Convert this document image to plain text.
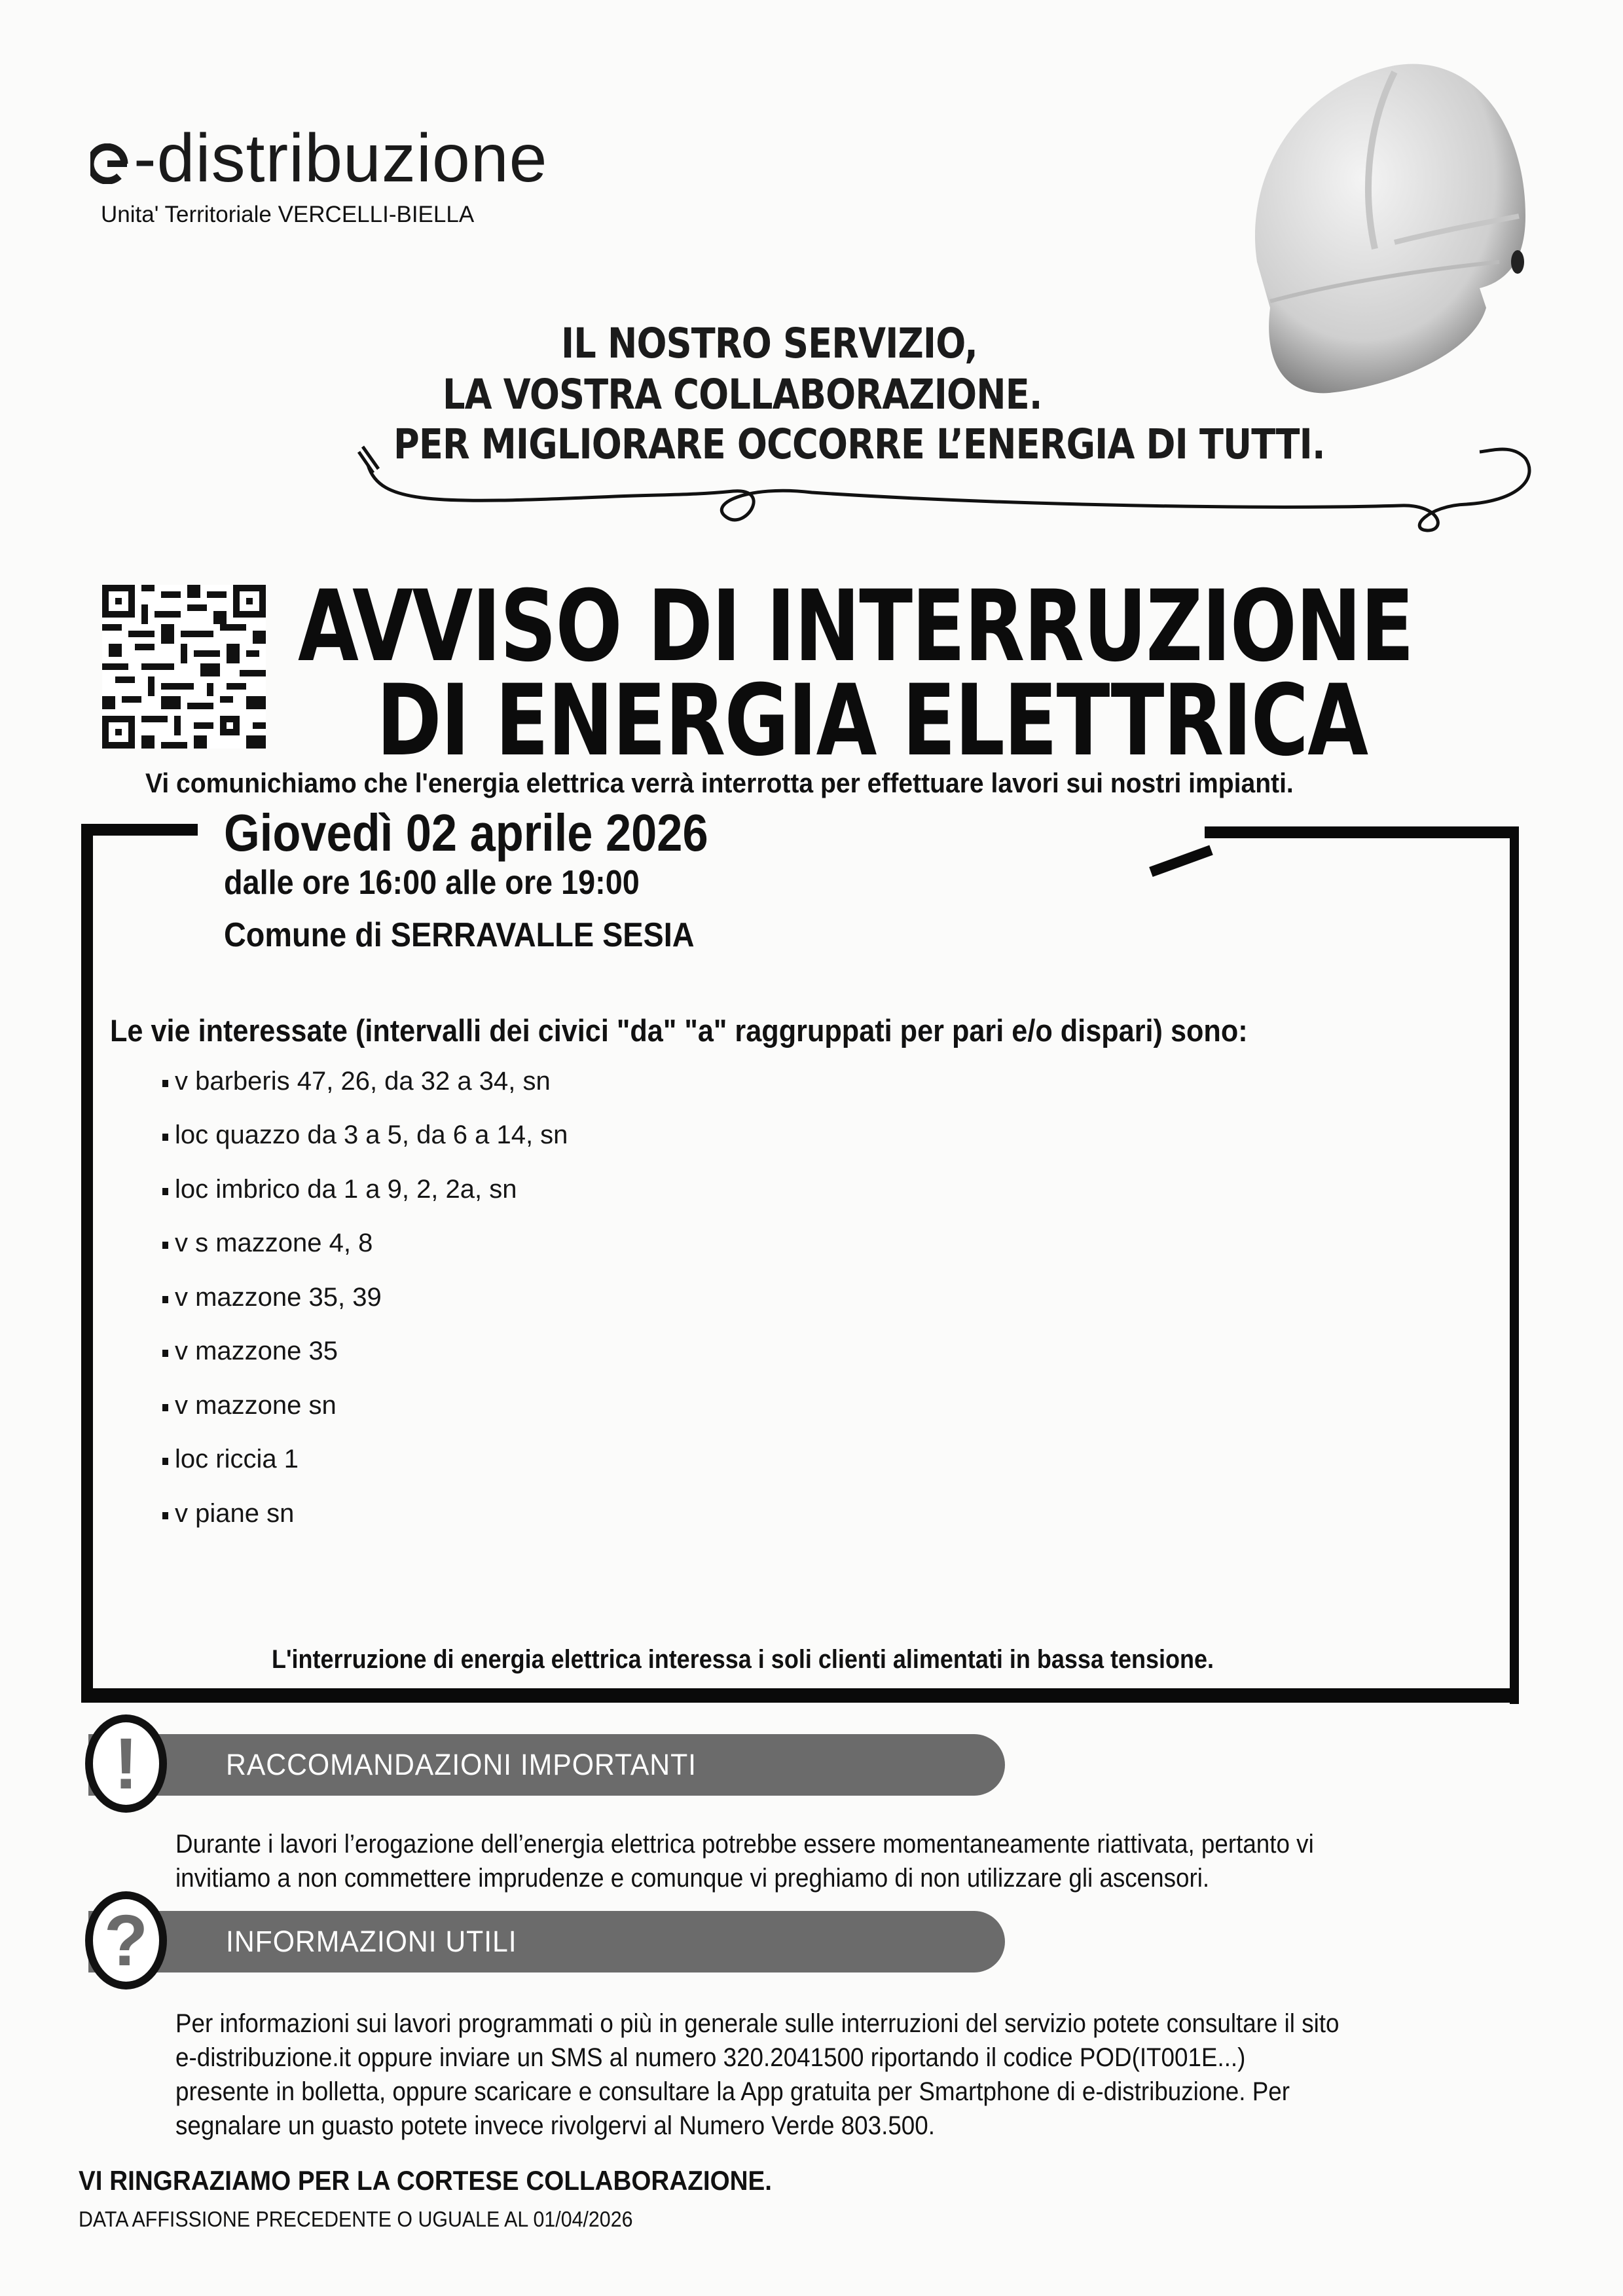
-distribuzione
Unita' Territoriale VERCELLI-BIELLA
IL NOSTRO SERVIZIO,
LA VOSTRA COLLABORAZIONE.
PER MIGLIORARE OCCORRE L’ENERGIA DI TUTTI.
AVVISO DI INTERRUZIONE
DI ENERGIA ELETTRICA
Vi comunichiamo che l'energia elettrica verrà interrotta per effettuare lavori sui nostri impianti.
Giovedì 02 aprile 2026
dalle ore 16:00 alle ore 19:00
Comune di SERRAVALLE SESIA
Le vie interessate (intervalli dei civici "da" "a" raggruppati per pari e/o dispari) sono:
v barberis 47, 26, da 32 a 34, sn
loc quazzo da 3 a 5, da 6 a 14, sn
loc imbrico da 1 a 9, 2, 2a, sn
v s mazzone 4, 8
v mazzone 35, 39
v mazzone 35
v mazzone sn
loc riccia 1
v piane sn
L'interruzione di energia elettrica interessa i soli clienti alimentati in bassa tensione.
RACCOMANDAZIONI IMPORTANTI
!
Durante i lavori l’erogazione dell’energia elettrica potrebbe essere momentaneamente riattivata, pertanto vi
invitiamo a non commettere imprudenze e comunque vi preghiamo di non utilizzare gli ascensori.
INFORMAZIONI UTILI
?
Per informazioni sui lavori programmati o più in generale sulle interruzioni del servizio potete consultare il sito
e-distribuzione.it oppure inviare un SMS al numero 320.2041500 riportando il codice POD(IT001E...)
presente in bolletta, oppure scaricare e consultare la App gratuita per Smartphone di e-distribuzione. Per
segnalare un guasto potete invece rivolgervi al Numero Verde 803.500.
VI RINGRAZIAMO PER LA CORTESE COLLABORAZIONE.
DATA AFFISSIONE PRECEDENTE O UGUALE AL 01/04/2026
